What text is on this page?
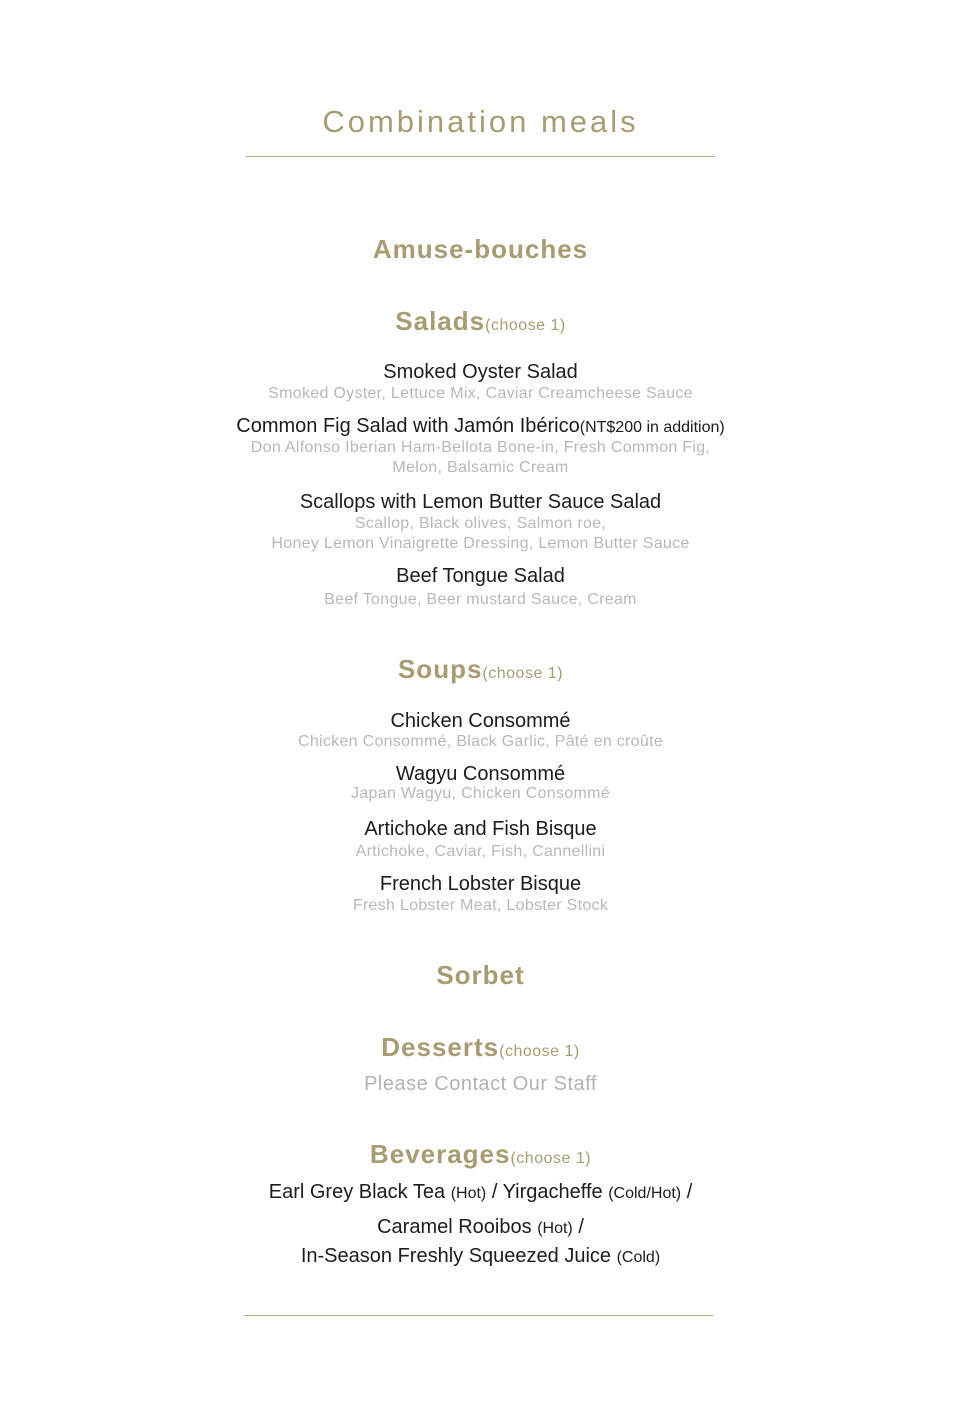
Combination meals
Amuse-bouches
Salads(choose 1)
Smoked Oyster Salad
Smoked Oyster, Lettuce Mix, Caviar Creamcheese Sauce
Common Fig Salad with Jamón Ibérico(NT$200 in addition)
Don Alfonso Iberian Ham-Bellota Bone-in, Fresh Common Fig,
Melon, Balsamic Cream
Scallops with Lemon Butter Sauce Salad
Scallop, Black olives, Salmon roe,
Honey Lemon Vinaigrette Dressing, Lemon Butter Sauce
Beef Tongue Salad
Beef Tongue, Beer mustard Sauce, Cream
Soups(choose 1)
Chicken Consommé
Chicken Consommé, Black Garlic, Pâté en croûte
Wagyu Consommé
Japan Wagyu, Chicken Consommé
Artichoke and Fish Bisque
Artichoke, Caviar, Fish, Cannellini
French Lobster Bisque
Fresh Lobster Meat, Lobster Stock
Sorbet
Desserts(choose 1)
Please Contact Our Staff
Beverages(choose 1)
Earl Grey Black Tea (Hot) / Yirgacheffe (Cold/Hot) /
Caramel Rooibos (Hot) /
In-Season Freshly Squeezed Juice (Cold)
